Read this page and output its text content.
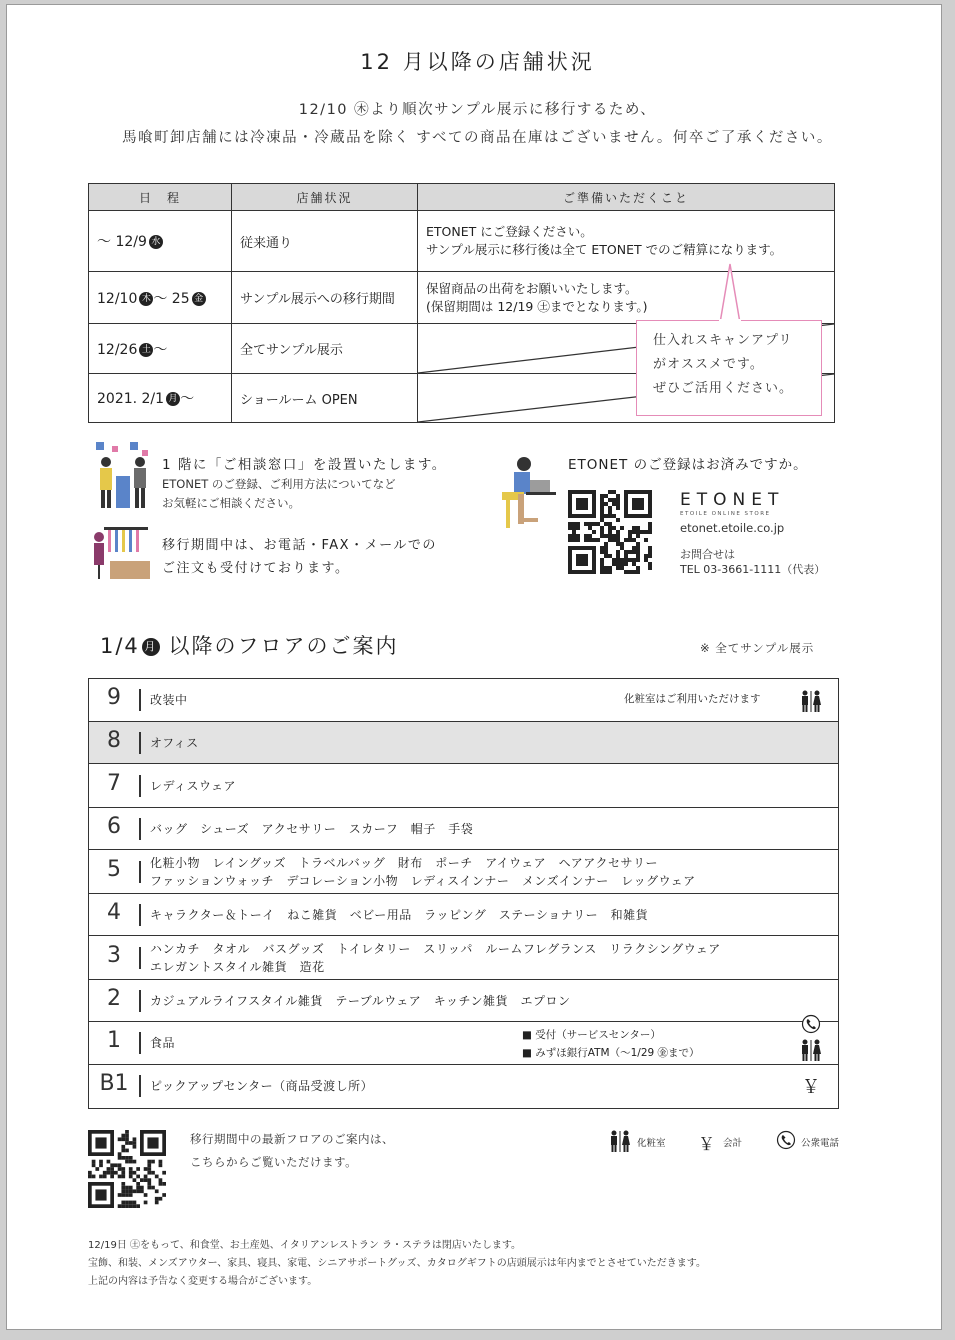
12 月以降の店舗状況
12/10 ㊍より順次サンプル展示に移行するため、
馬喰町卸店舗には冷凍品・冷蔵品を除く すべての商品在庫はございません。何卒ご了承ください。
日　程	店舗状況	ご準備いただくこと
～ 12/9 水	従来通り	ETONET にご登録ください。
サンプル展示に移行後は全て ETONET でのご精算になります。

12/10 木 ～ 25 金	サンプル展示への移行期間	保留商品の出荷をお願いいたします。
(保留期間は 12/19 ㊏までとなります。)

12/26 土 ～	全てサンプル展示	

2021. 2/1 月 ～	ショールーム OPEN	
仕入れスキャンアプリ
がオススメです。
ぜひご活用ください。
1 階に「ご相談窓口」を設置いたします。
ETONET のご登録、ご利用方法についてなど
お気軽にご相談ください。
移行期間中は、お電話・FAX・メールでの
ご注文も受付けております。
ETONET のご登録はお済みですか。
ETONET
ETOILE ONLINE STORE
etonet.etoile.co.jp
お問合せは
TEL 03-3661-1111（代表）
1/4 月 以降のフロアのご案内	※ 全てサンプル展示
9	改装中	化粧室はご利用いただけます
8	オフィス
7	レディスウェア
6	バッグ　シューズ　アクセサリー　スカーフ　帽子　手袋
5	化粧小物　レイングッズ　トラベルバッグ　財布　ポーチ　アイウェア　ヘアアクセサリー
ファッションウォッチ　デコレーション小物　レディスインナー　メンズインナー　レッグウェア
4	キャラクター＆トーイ　ねこ雑貨　ベビー用品　ラッピング　ステーショナリー　和雑貨
3	ハンカチ　タオル　バスグッズ　トイレタリー　スリッパ　ルームフレグランス　リラクシングウェア
エレガントスタイル雑貨　造花
2	カジュアルライフスタイル雑貨　テーブルウェア　キッチン雑貨　エプロン
1	食品
■ 受付（サービスセンター）
■ みずほ銀行ATM（～1/29 ㊎まで）
B1	ピックアップセンター（商品受渡し所）	￥
移行期間中の最新フロアのご案内は、
こちらからご覧いただけます。
化粧室 ￥ 会計	公衆電話
12/19日 ㊏をもって、和食堂、お土産処、イタリアンレストラン ラ・ステラは閉店いたします。
宝飾、和装、メンズアウター、家具、寝具、家電、シニアサポートグッズ、カタログギフトの店頭展示は年内までとさせていただきます。
上記の内容は予告なく変更する場合がございます。
